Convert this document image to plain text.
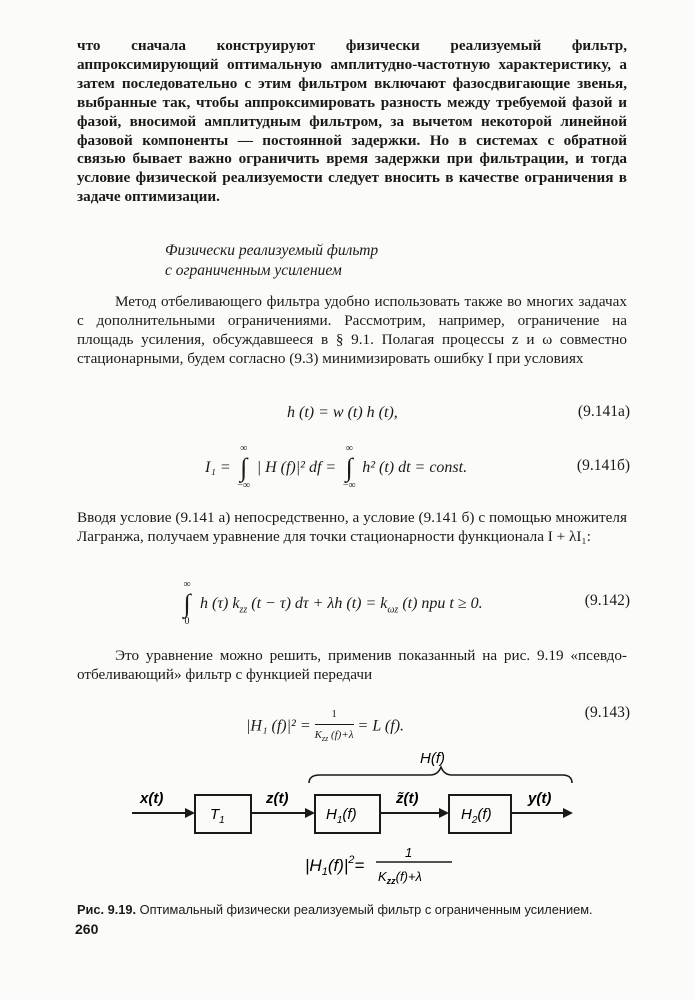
что сначала конструируют физически реализуемый фильтр, аппроксимирующий оптимальную амплитудно-частотную характеристику, а затем последовательно с этим фильтром включают фазосдвигающие звенья, выбранные так, чтобы аппроксимировать разность между требуемой фазой и фазой, вносимой амплитудным фильтром, за вычетом некоторой линейной фазовой компоненты — постоянной задержки. Но в системах с обратной связью бывает важно ограничить время задержки при фильтрации, и тогда условие физической реализуемости следует вносить в качестве ограничения в задаче оптимизации.

Физически реализуемый фильтр
с ограниченным усилением

Метод отбеливающего фильтра удобно использовать также во многих задачах с дополнительными ограничениями. Рассмотрим, например, ограничение на площадь усиления, обсуждавшееся в § 9.1. Полагая процессы z и ω совместно стационарными, будем согласно (9.3) минимизировать ошибку I при условиях

h (t) = w (t) h (t),	(9.141a)
I₁ =
∞
∫
−∞
| H (f)|² df =
∞
∫
−∞
h² (t) dt = const.	(9.141б)

Вводя условие (9.141 а) непосредственно, а условие (9.141 б) с помощью множителя Лагранжа, получаем уравнение для точки стационарности функционала I + λI₁:

∞
∫
0
h (τ) $k_{zz}$ (t − τ) dτ + λh $(t) = k_{\omega z}$ (t) при t ≥ 0.	(9.142)

Это уравнение можно решить, применив показанный на рис. 9.19 «псевдо-отбеливающий» фильтр с функцией передачи

|H₁ $(f)|^2 = \frac{1}{K_{zz} (f)+\lambda} = L$ (f).
(9.143)
H(f)
x(t)
$T_1$
z(t)
$H_1(f)$
z̃(t)
$H_2(f)$
y(t)
$|H_1(f)|^2=$
1
$K_{zz}(f)+\lambda$
Рис. 9.19. Оптимальный физически реализуемый фильтр с ограниченным усилением.
260
